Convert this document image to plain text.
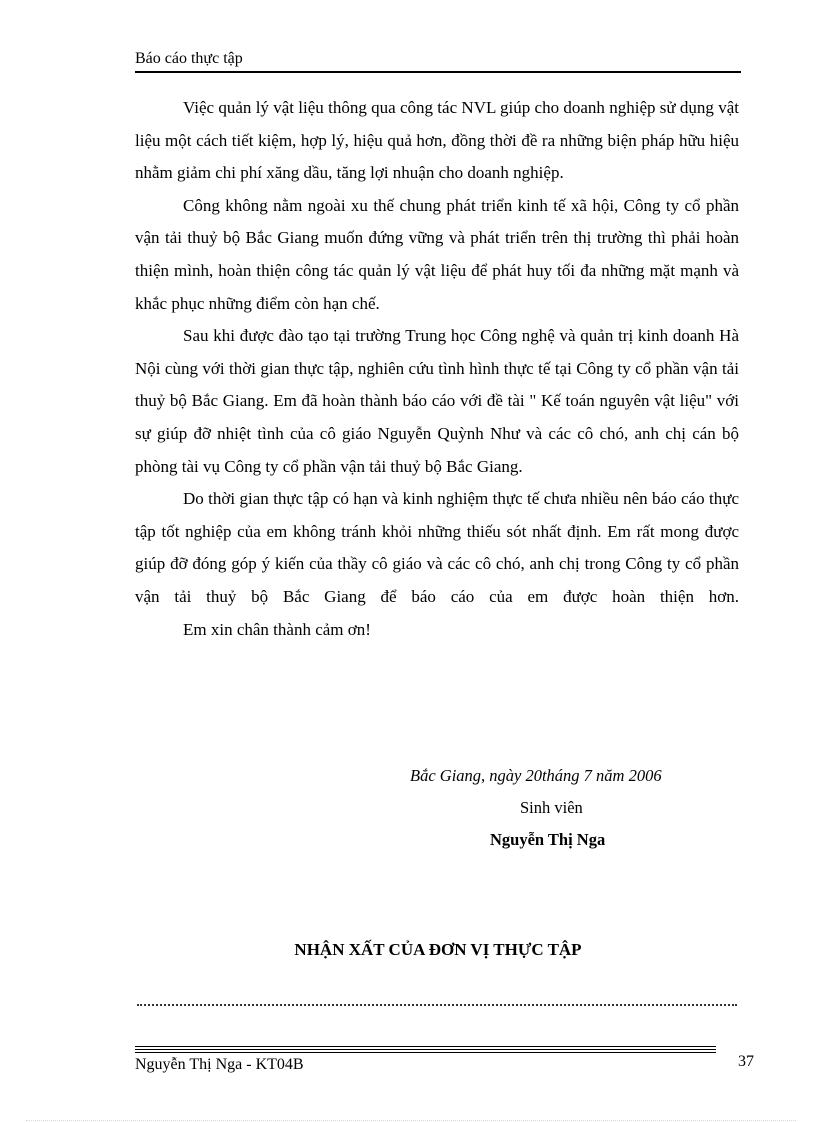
Báo cáo thực tập

Việc quản lý vật liệu thông qua công tác NVL giúp cho doanh nghiệp sử dụng vật liệu một cách tiết kiệm, hợp lý, hiệu quả hơn, đồng thời đề ra những biện pháp hữu hiệu nhằm giảm chi phí xăng dầu, tăng lợi nhuận cho doanh nghiệp.

Công không nằm ngoài xu thế chung phát triển kinh tế xã hội, Công ty cổ phần vận tải thuỷ bộ Bắc Giang muốn đứng vững và phát triển trên thị trường thì phải hoàn thiện mình, hoàn thiện công tác quản lý vật liệu để phát huy tối đa những mặt mạnh và khắc phục những điểm còn hạn chế.

Sau khi được đào tạo tại trường Trung học Công nghệ và quản trị kinh doanh Hà Nội cùng với thời gian thực tập, nghiên cứu tình hình thực tế tại Công ty cổ phần vận tải thuỷ bộ Bắc Giang. Em đã hoàn thành báo cáo với đề tài " Kế toán nguyên vật liệu" với sự giúp đỡ nhiệt tình của cô giáo Nguyễn Quỳnh Như và các cô chó, anh chị cán bộ phòng tài vụ Công ty cổ phần vận tải thuỷ bộ Bắc Giang.

Do thời gian thực tập có hạn và kinh nghiệm thực tế chưa nhiều nên báo cáo thực tập tốt nghiệp của em không tránh khỏi những thiếu sót nhất định. Em rất mong được giúp đỡ đóng góp ý kiến của thầy cô giáo và các cô chó, anh chị trong Công ty cổ phần vận tải thuỷ bộ Bắc Giang để báo cáo của em được hoàn thiện hơn.

Em xin chân thành cảm ơn!

Bắc Giang, ngày 20tháng 7 năm 2006
Sinh viên
Nguyễn Thị Nga
NHẬN XẤT CỦA ĐƠN VỊ THỰC TẬP
Nguyễn Thị Nga - KT04B	37
